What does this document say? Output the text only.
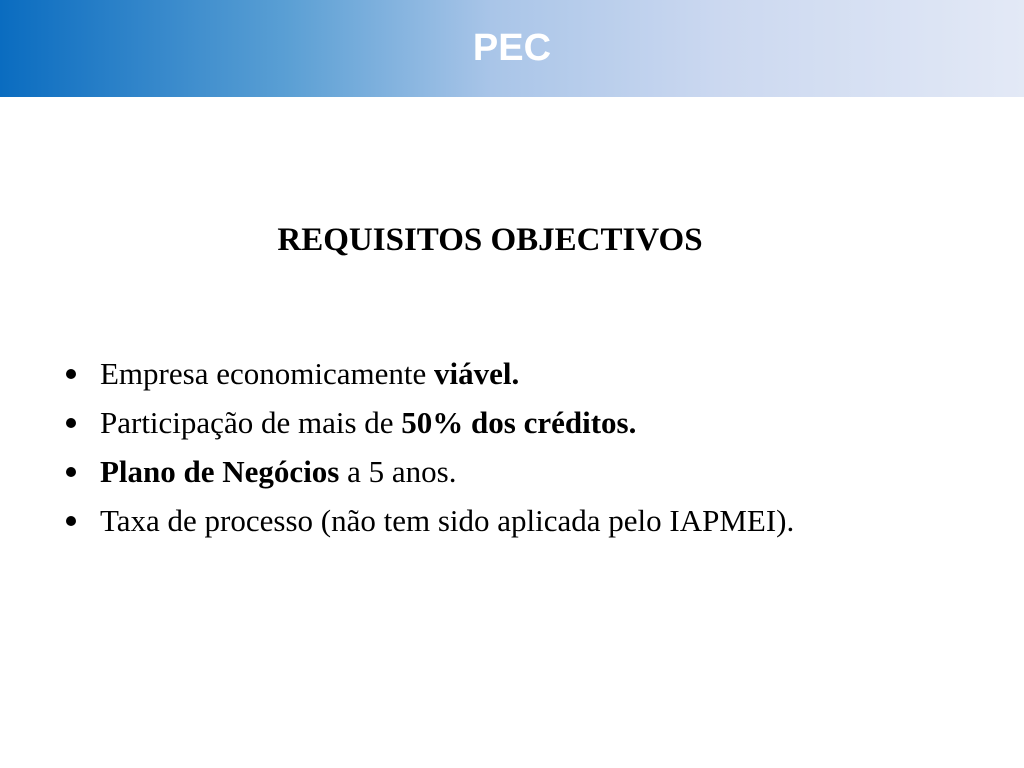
PEC
REQUISITOS OBJECTIVOS
Empresa economicamente viável.
Participação de mais de 50% dos créditos.
Plano de Negócios a 5 anos.
Taxa de processo (não tem sido aplicada pelo IAPMEI).
